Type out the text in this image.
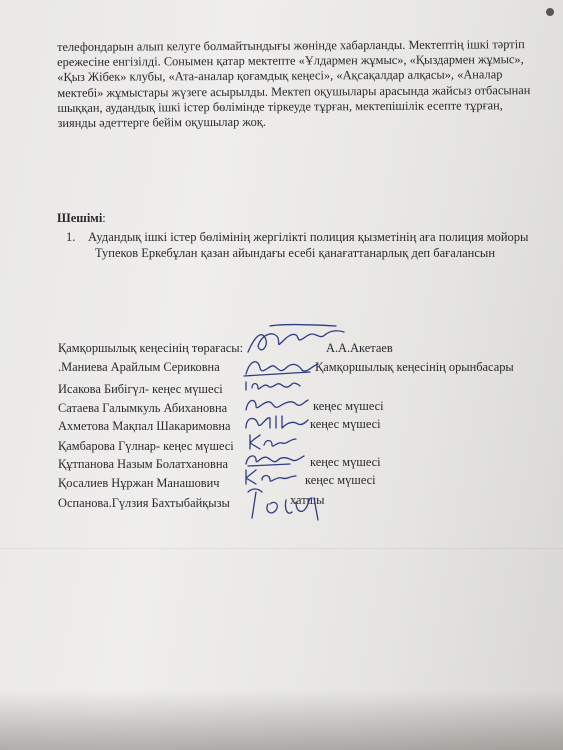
телефондарын алып келуге болмайтындығы жөнінде хабарланды. Мектептің ішкі тәртіп
ережесіне енгізілді. Сонымен қатар мектепте «Ұлдармен жұмыс», «Қыздармен жұмыс»,
«Қыз Жібек» клубы, «Ата-аналар қоғамдық кеңесі», «Ақсақалдар алқасы», «Аналар
мектебі» жұмыстары жүзеге асырылды. Мектеп оқушылары арасында жайсыз отбасынан
шыққан, аудандық ішкі істер бөлімінде тіркеуде тұрған, мектепішілік есепте тұрған,
зиянды әдеттерге бейім оқушылар жоқ.
Шешімі:
1. Аудандық ішкі істер бөлімінің жергілікті полиция қызметінің аға полиция мойоры
Тупеков Еркебұлан қазан айындағы есебі қанағаттанарлық деп бағалансын
Қамқоршылық кеңесінің төрағасы:	А.А.Акетаев
.Маниева Арайлым Сериковна	Қамқоршылық кеңесінің орынбасары
Исакова Бибігүл- кеңес мүшесі
Сатаева Галымкуль Абихановна	кеңес мүшесі
Ахметова Мақпал Шакаримовна	кеңес мүшесі
Қамбарова Гүлнар- кеңес мүшесі
Құтпанова Назым Болатхановна	кеңес мүшесі
Қосалиев Нұржан Манашович	кеңес мүшесі
Оспанова.Гүлзия Бахтыбайқызы	хатшы
